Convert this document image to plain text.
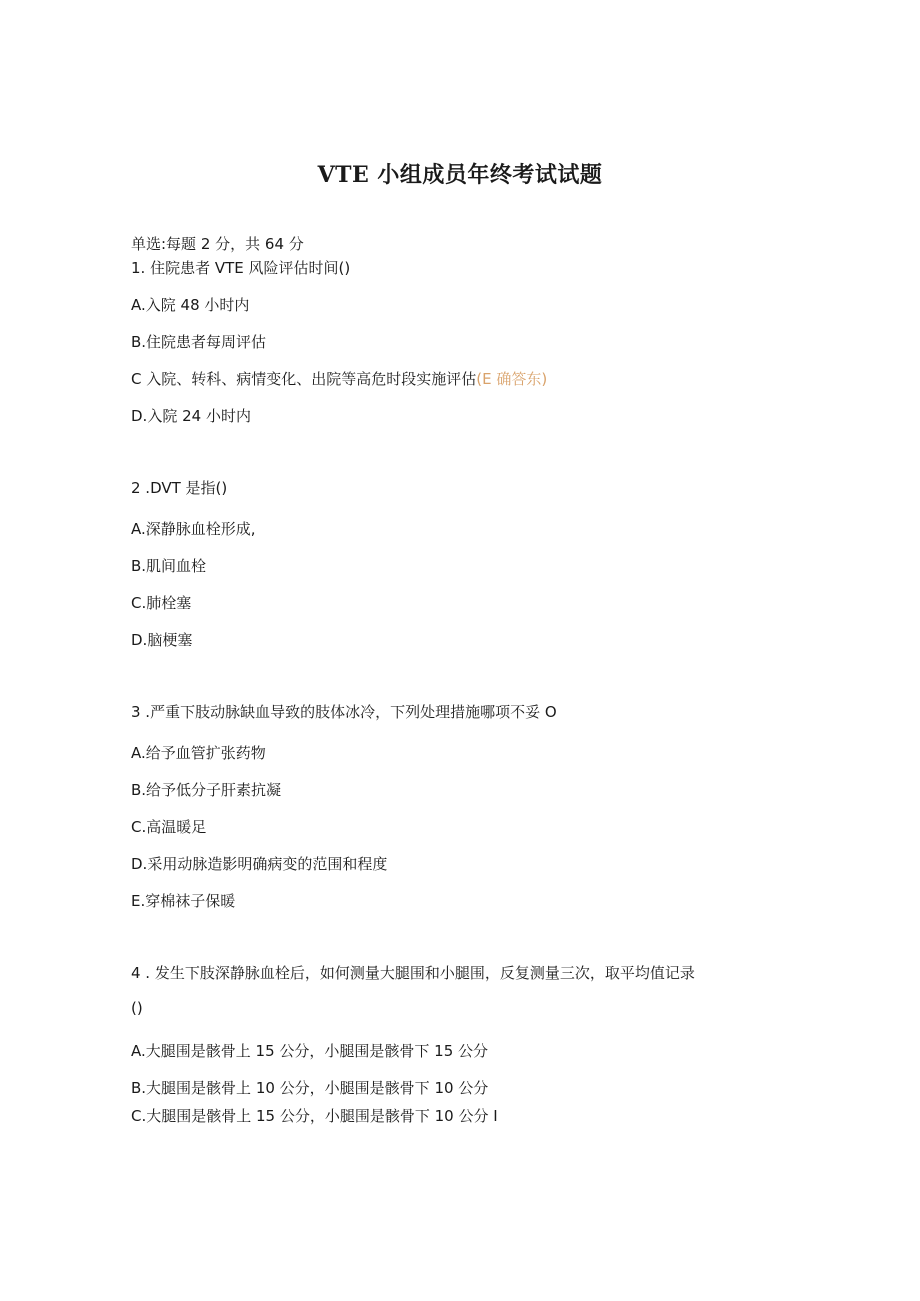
VTE 小组成员年终考试试题
单选:每题 2 分，共 64 分
1. 住院患者 VTE 风险评估时间()
A.入院 48 小时内
B.住院患者每周评估
C 入院、转科、病情变化、出院等高危时段实施评估(E 确答东)
D.入院 24 小时内
2 .DVT 是指()
A.深静脉血栓形成,
B.肌间血栓
C.肺栓塞
D.脑梗塞
3 .严重下肢动脉缺血导致的肢体冰冷，下列处理措施哪项不妥 O
A.给予血管扩张药物
B.给予低分子肝素抗凝
C.高温暖足
D.采用动脉造影明确病变的范围和程度
E.穿棉袜子保暖
4 . 发生下肢深静脉血栓后，如何测量大腿围和小腿围，反复测量三次，取平均值记录
()
A.大腿围是骸骨上 15 公分，小腿围是骸骨下 15 公分
B.大腿围是骸骨上 10 公分，小腿围是骸骨下 10 公分
C.大腿围是骸骨上 15 公分，小腿围是骸骨下 10 公分 I
